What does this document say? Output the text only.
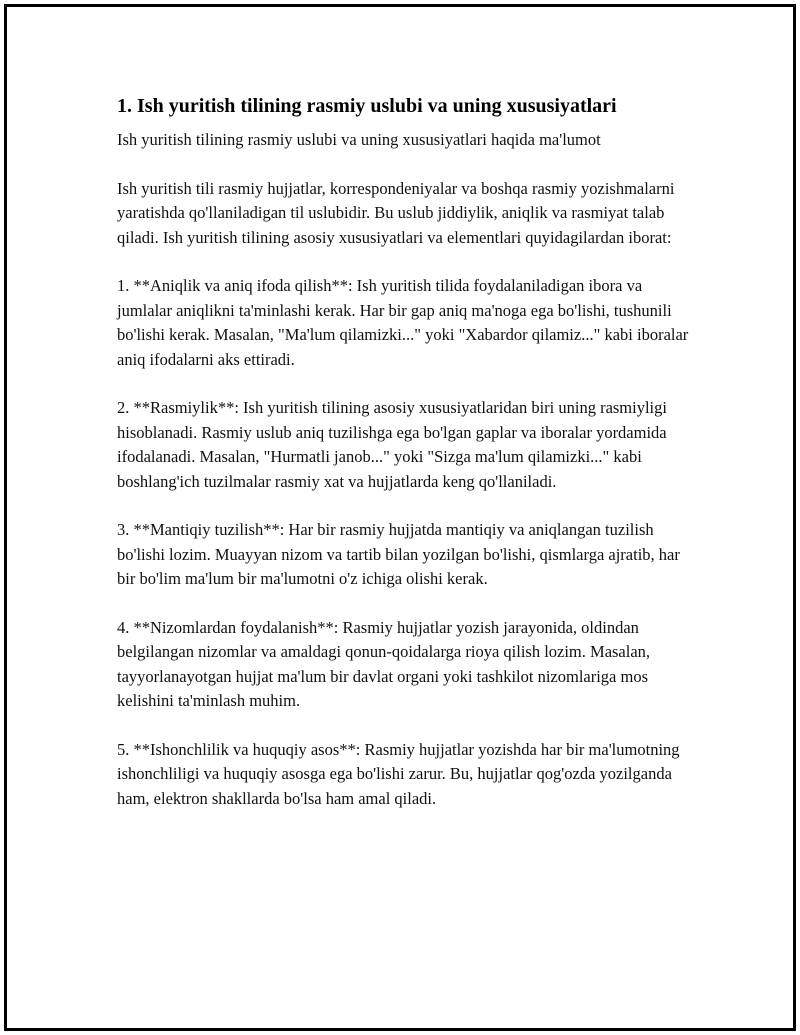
1. Ish yuritish tilining rasmiy uslubi va uning xususiyatlari

Ish yuritish tilining rasmiy uslubi va uning xususiyatlari haqida ma'lumot

Ish yuritish tili rasmiy hujjatlar, korrespondeniyalar va boshqa rasmiy yozishmalarni yaratishda qo'llaniladigan til uslubidir. Bu uslub jiddiylik, aniqlik va rasmiyat talab qiladi. Ish yuritish tilining asosiy xususiyatlari va elementlari quyidagilardan iborat:

1. **Aniqlik va aniq ifoda qilish**: Ish yuritish tilida foydalaniladigan ibora va jumlalar aniqlikni ta'minlashi kerak. Har bir gap aniq ma'noga ega bo'lishi, tushunili bo'lishi kerak. Masalan, "Ma'lum qilamizki..." yoki "Xabardor qilamiz..." kabi iboralar aniq ifodalarni aks ettiradi.

2. **Rasmiylik**: Ish yuritish tilining asosiy xususiyatlaridan biri uning rasmiyligi hisoblanadi. Rasmiy uslub aniq tuzilishga ega bo'lgan gaplar va iboralar yordamida ifodalanadi. Masalan, "Hurmatli janob..." yoki "Sizga ma'lum qilamizki..." kabi boshlang'ich tuzilmalar rasmiy xat va hujjatlarda keng qo'llaniladi.

3. **Mantiqiy tuzilish**: Har bir rasmiy hujjatda mantiqiy va aniqlangan tuzilish bo'lishi lozim. Muayyan nizom va tartib bilan yozilgan bo'lishi, qismlarga ajratib, har bir bo'lim ma'lum bir ma'lumotni o'z ichiga olishi kerak.

4. **Nizomlardan foydalanish**: Rasmiy hujjatlar yozish jarayonida, oldindan belgilangan nizomlar va amaldagi qonun-qoidalarga rioya qilish lozim. Masalan, tayyorlanayotgan hujjat ma'lum bir davlat organi yoki tashkilot nizomlariga mos kelishini ta'minlash muhim.

5. **Ishonchlilik va huquqiy asos**: Rasmiy hujjatlar yozishda har bir ma'lumotning ishonchliligi va huquqiy asosga ega bo'lishi zarur. Bu, hujjatlar qog'ozda yozilganda ham, elektron shakllarda bo'lsa ham amal qiladi.
